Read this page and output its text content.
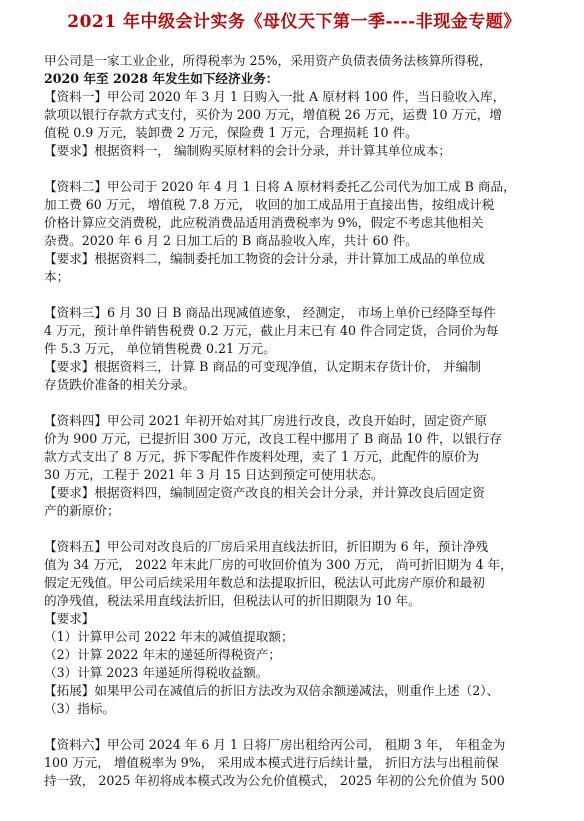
2021 年中级会计实务《母仪天下第一季----非现金专题》

甲公司是一家工业企业，所得税率为 25%，采用资产负债表债务法核算所得税，

2020 年至 2028 年发生如下经济业务：

【资料一】甲公司 2020 年 3 月 1 日购入一批 A 原材料 100 件，当日验收入库，

款项以银行存款方式支付，买价为 200 万元，增值税 26 万元，运费 10 万元，增

值税 0.9 万元，装卸费 2 万元，保险费 1 万元，合理损耗 10 件。

【要求】根据资料一， 编制购买原材料的会计分录，并计算其单位成本；

【资料二】甲公司于 2020 年 4 月 1 日将 A 原材料委托乙公司代为加工成 B 商品，

加工费 60 万元， 增值税 7.8 万元， 收回的加工成品用于直接出售，按组成计税

价格计算应交消费税，此应税消费品适用消费税率为 9%，假定不考虑其他相关

杂费。2020 年 6 月 2 日加工后的 B 商品验收入库，共计 60 件。

【要求】根据资料二，编制委托加工物资的会计分录，并计算加工成品的单位成

本；

【资料三】6 月 30 日 B 商品出现减值迹象， 经测定， 市场上单价已经降至每件

4 万元，预计单件销售税费 0.2 万元，截止月末已有 40 件合同定货，合同价为每

件 5.3 万元， 单位销售税费 0.21 万元。

【要求】根据资料三，计算 B 商品的可变现净值，认定期末存货计价， 并编制

存货跌价准备的相关分录。

【资料四】甲公司 2021 年初开始对其厂房进行改良，改良开始时，固定资产原

价为 900 万元，已提折旧 300 万元，改良工程中挪用了 B 商品 10 件，以银行存

款方式支出了 8 万元，拆下零配件作废料处理，卖了 1 万元，此配件的原价为

30 万元，工程于 2021 年 3 月 15 日达到预定可使用状态。

【要求】根据资料四，编制固定资产改良的相关会计分录，并计算改良后固定资

产的新原价；

【资料五】甲公司对改良后的厂房后采用直线法折旧，折旧期为 6 年，预计净残

值为 34 万元， 2022 年末此厂房的可收回价值为 300 万元， 尚可折旧期为 4 年，

假定无残值。甲公司后续采用年数总和法提取折旧，税法认可此房产原价和最初

的净残值，税法采用直线法折旧，但税法认可的折旧期限为 10 年。

【要求】

（1）计算甲公司 2022 年末的减值提取额；

（2）计算 2022 年末的递延所得税资产；

（3）计算 2023 年递延所得税收益额。

【拓展】如果甲公司在减值后的折旧方法改为双倍余额递减法，则重作上述（2）、

（3）指标。

【资料六】甲公司 2024 年 6 月 1 日将厂房出租给丙公司， 租期 3 年， 年租金为

100 万元， 增值税率为 9%， 采用成本模式进行后续计量， 折旧方法与出租前保

持一致， 2025 年初将成本模式改为公允价值模式， 2025 年初的公允价值为 500
